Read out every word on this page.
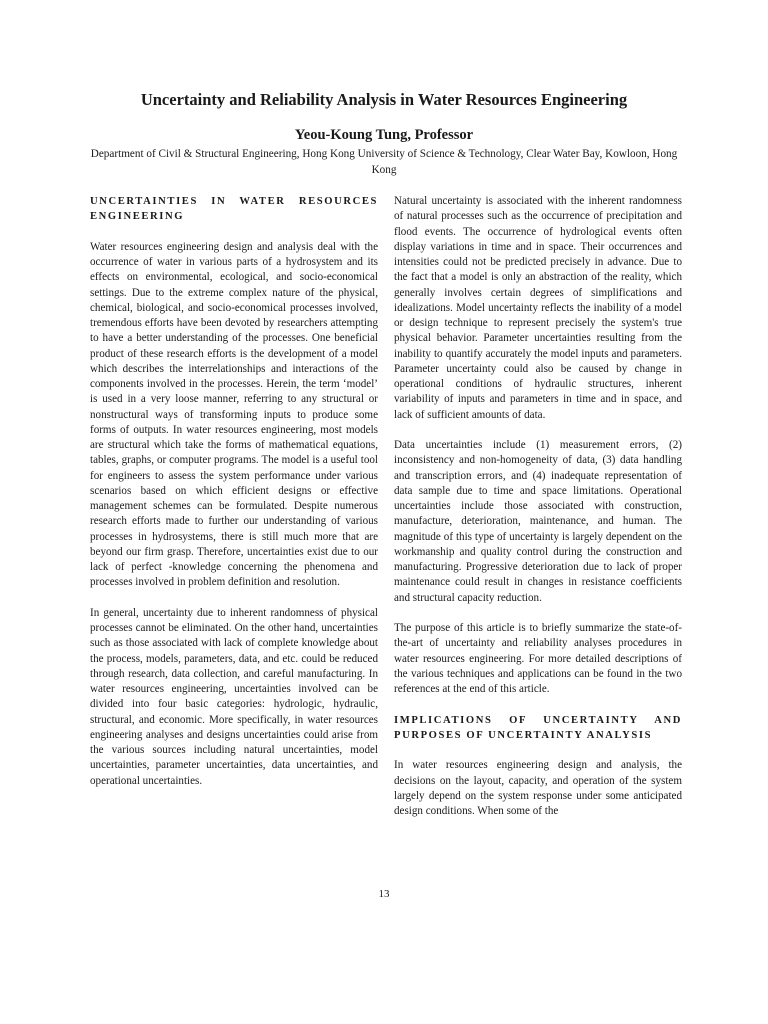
Uncertainty and Reliability Analysis in Water Resources Engineering
Yeou-Koung Tung, Professor
Department of Civil & Structural Engineering, Hong Kong University of Science & Technology, Clear Water Bay, Kowloon, Hong Kong
UNCERTAINTIES IN WATER RESOURCES ENGINEERING

Water resources engineering design and analysis deal with the occurrence of water in various parts of a hydrosystem and its effects on environmental, ecological, and socio-economical settings. Due to the extreme complex nature of the physical, chemical, biological, and socio-economical processes involved, tremendous efforts have been devoted by researchers attempting to have a better understanding of the processes. One beneficial product of these research efforts is the development of a model which describes the interrelationships and interactions of the components involved in the processes. Herein, the term ‘model’ is used in a very loose manner, referring to any structural or nonstructural ways of transforming inputs to produce some forms of outputs. In water resources engineering, most models are structural which take the forms of mathematical equations, tables, graphs, or computer programs. The model is a useful tool for engineers to assess the system performance under various scenarios based on which efficient designs or effective management schemes can be formulated. Despite numerous research efforts made to further our understanding of various processes in hydrosystems, there is still much more that are beyond our firm grasp. Therefore, uncertainties exist due to our lack of perfect -knowledge concerning the phenomena and processes involved in problem definition and resolution.

In general, uncertainty due to inherent randomness of physical processes cannot be eliminated. On the other hand, uncertainties such as those associated with lack of complete knowledge about the process, models, parameters, data, and etc. could be reduced through research, data collection, and careful manufacturing. In water resources engineering, uncertainties involved can be divided into four basic categories: hydrologic, hydraulic, structural, and economic. More specifically, in water resources engineering analyses and designs uncertainties could arise from the various sources including natural uncertainties, model uncertainties, parameter uncertainties, data uncertainties, and operational uncertainties.

Natural uncertainty is associated with the inherent randomness of natural processes such as the occurrence of precipitation and flood events. The occurrence of hydrological events often display variations in time and in space. Their occurrences and intensities could not be predicted precisely in advance. Due to the fact that a model is only an abstraction of the reality, which generally involves certain degrees of simplifications and idealizations. Model uncertainty reflects the inability of a model or design technique to represent precisely the system's true physical behavior. Parameter uncertainties resulting from the inability to quantify accurately the model inputs and parameters. Parameter uncertainty could also be caused by change in operational conditions of hydraulic structures, inherent variability of inputs and parameters in time and in space, and lack of sufficient amounts of data.

Data uncertainties include (1) measurement errors, (2) inconsistency and non-homogeneity of data, (3) data handling and transcription errors, and (4) inadequate representation of data sample due to time and space limitations. Operational uncertainties include those associated with construction, manufacture, deterioration, maintenance, and human. The magnitude of this type of uncertainty is largely dependent on the workmanship and quality control during the construction and manufacturing. Progressive deterioration due to lack of proper maintenance could result in changes in resistance coefficients and structural capacity reduction.

The purpose of this article is to briefly summarize the state-of-the-art of uncertainty and reliability analyses procedures in water resources engineering. For more detailed descriptions of the various techniques and applications can be found in the two references at the end of this article.

IMPLICATIONS OF UNCERTAINTY AND PURPOSES OF UNCERTAINTY ANALYSIS

In water resources engineering design and analysis, the decisions on the layout, capacity, and operation of the system largely depend on the system response under some anticipated design conditions. When some of the

13
